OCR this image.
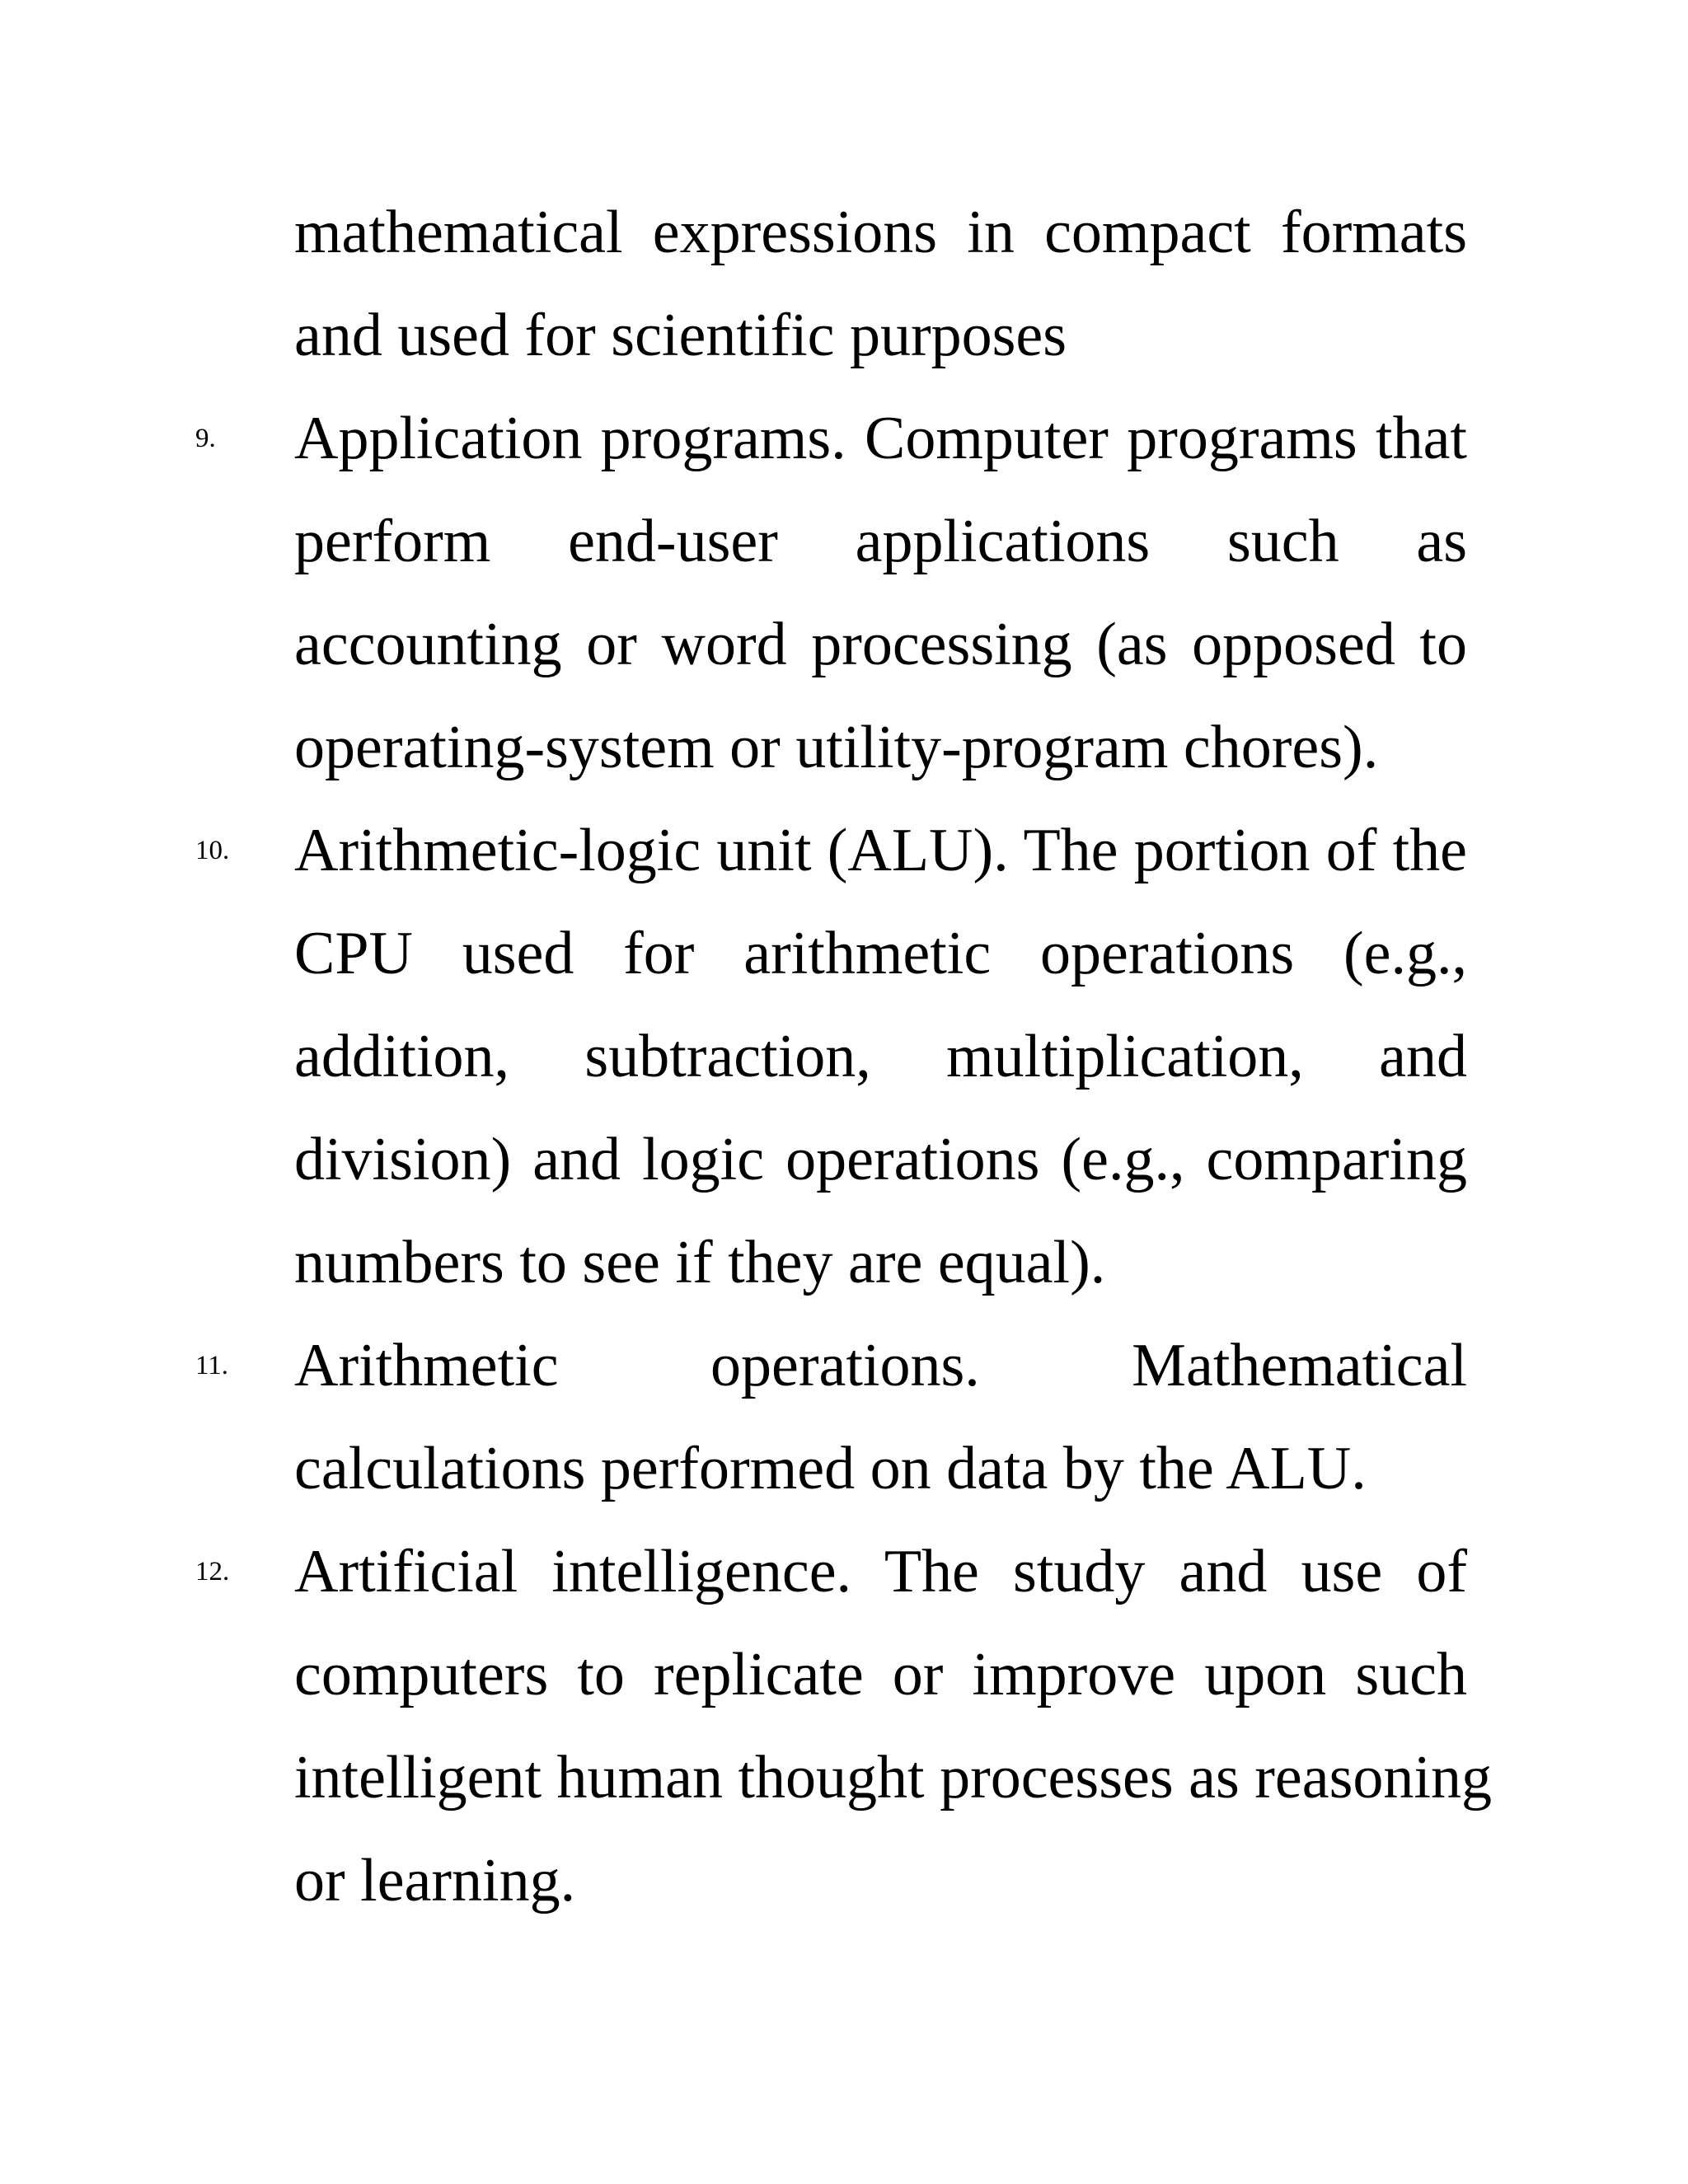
mathematical expressions in compact formats
and used for scientific purposes
9. Application programs. Computer programs that
perform end-user applications such as
accounting or word processing (as opposed to
operating-system or utility-program chores).
10. Arithmetic-logic unit (ALU). The portion of the
CPU used for arithmetic operations (e.g.,
addition, subtraction, multiplication, and
division) and logic operations (e.g., comparing
numbers to see if they are equal).
11. Arithmetic operations. Mathematical
calculations performed on data by the ALU.
12. Artificial intelligence. The study and use of
computers to replicate or improve upon such
intelligent human thought processes as reasoning
or learning.
